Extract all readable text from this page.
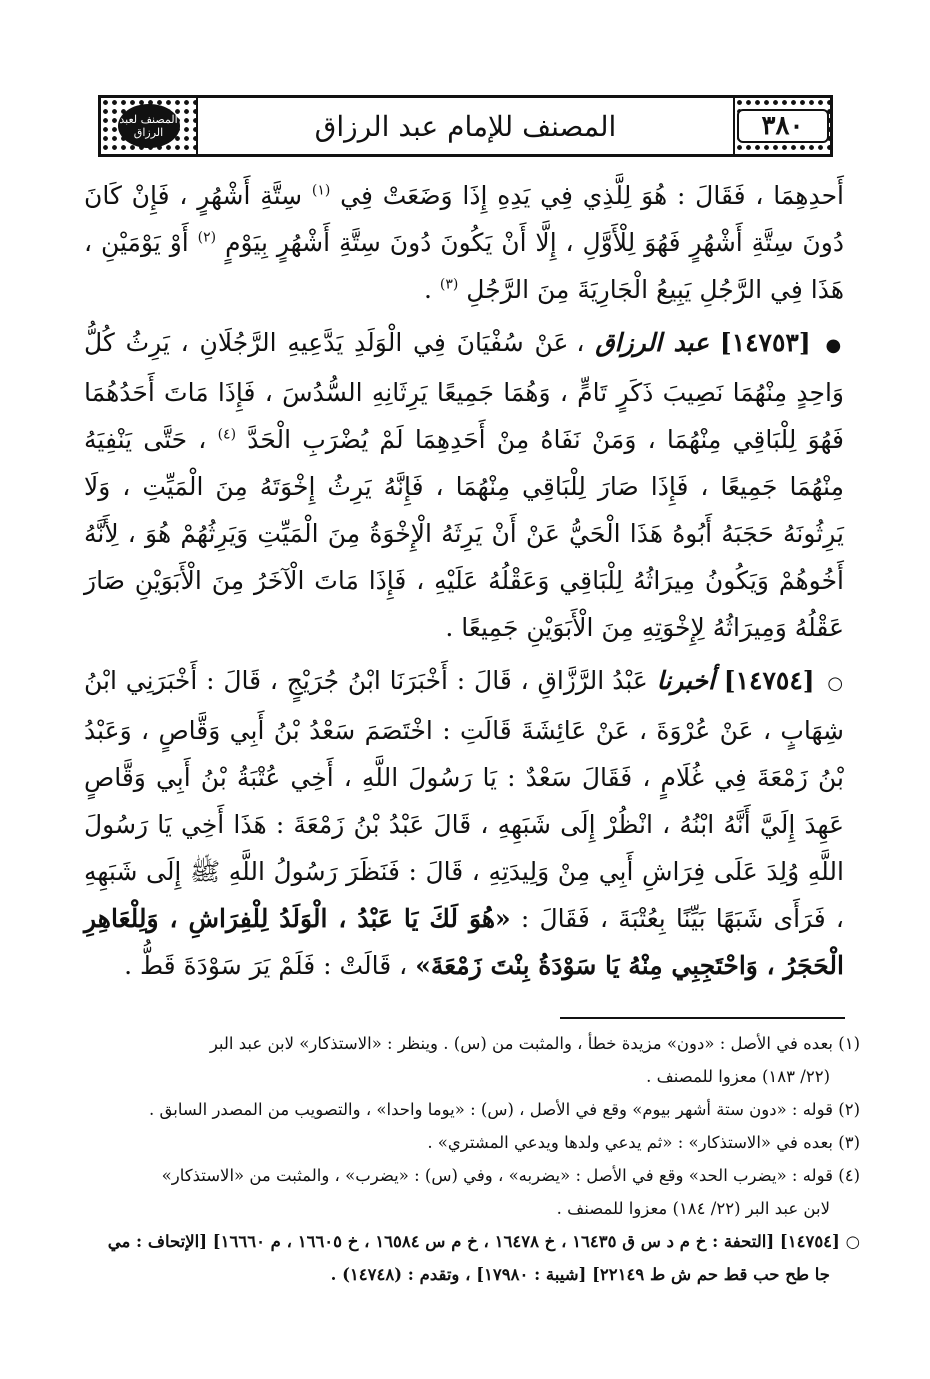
المصنف لعبد الرزاق	المصنف للإمام عبد الرزاق	٣٨٠

أَحدِهِمَا ، فَقَالَ : هُوَ لِلَّذِي فِي يَدِهِ إِذَا وَضَعَتْ فِي $^{(١)}$ سِتَّةِ أَشْهُرٍ ، فَإِنْ كَانَ دُونَ سِتَّةِ أَشْهُرٍ فَهُوَ لِلْأَوَّلِ ، إِلَّا أَنْ يَكُونَ دُونَ سِتَّةِ أَشْهُرٍ بِيَوْمٍ $^{(٢)}$ أَوْ يَوْمَيْنِ ، هَذَا فِي الرَّجُلِ يَبِيعُ الْجَارِيَةَ مِنَ الرَّجُلِ $^{(٣)}$ .

● [١٤٧٥٣] عبد الرزاق ، عَنْ سُفْيَانَ فِي الْوَلَدِ يَدَّعِيهِ الرَّجُلَانِ ، يَرِثُ كُلُّ وَاحِدٍ مِنْهُمَا نَصِيبَ ذَكَرٍ تَامٍّ ، وَهُمَا جَمِيعًا يَرِثَانِهِ السُّدُسَ ، فَإِذَا مَاتَ أَحَدُهُمَا فَهُوَ لِلْبَاقِي مِنْهُمَا ، وَمَنْ نَفَاهُ مِنْ أَحَدِهِمَا لَمْ يُضْرَبِ الْحَدَّ $^{(٤)}$ ، حَتَّى يَنْفِيَهُ مِنْهُمَا جَمِيعًا ، فَإِذَا صَارَ لِلْبَاقِي مِنْهُمَا ، فَإِنَّهُ يَرِثُ إِخْوَتَهُ مِنَ الْمَيِّتِ ، وَلَا يَرِثُونَهُ حَجَبَهُ أَبُوهُ هَذَا الْحَيُّ عَنْ أَنْ يَرِثَهُ الْإِخْوَةُ مِنَ الْمَيِّتِ وَيَرِثُهُمْ هُوَ ، لِأَنَّهُ أَخُوهُمْ وَيَكُونُ مِيرَاثُهُ لِلْبَاقِي وَعَقْلُهُ عَلَيْهِ ، فَإِذَا مَاتَ الْآخَرُ مِنَ الْأَبَوَيْنِ صَارَ عَقْلُهُ وَمِيرَاثُهُ لِإِخْوَتِهِ مِنَ الْأَبَوَيْنِ جَمِيعًا .

○ [١٤٧٥٤] أخبرنا عَبْدُ الرَّزَّاقِ ، قَالَ : أَخْبَرَنَا ابْنُ جُرَيْجٍ ، قَالَ : أَخْبَرَنِي ابْنُ شِهَابٍ ، عَنْ عُرْوَةَ ، عَنْ عَائِشَةَ قَالَتِ : اخْتَصَمَ سَعْدُ بْنُ أَبِي وَقَّاصٍ ، وَعَبْدُ بْنُ زَمْعَةَ فِي غُلَامٍ ، فَقَالَ سَعْدٌ : يَا رَسُولَ اللَّهِ ، أَخِي عُتْبَةُ بْنُ أَبِي وَقَّاصٍ عَهِدَ إِلَيَّ أَنَّهُ ابْنُهُ ، انْظُرْ إِلَى شَبَهِهِ ، قَالَ عَبْدُ بْنُ زَمْعَةَ : هَذَا أَخِي يَا رَسُولَ اللَّهِ وُلِدَ عَلَى فِرَاشِ أَبِي مِنْ وَلِيدَتِهِ ، قَالَ : فَنَظَرَ رَسُولُ اللَّهِ ﷺ إِلَى شَبَهِهِ ، فَرَأَى شَبَهًا بَيِّنًا بِعُتْبَةَ ، فَقَالَ : «هُوَ لَكَ يَا عَبْدُ ، الْوَلَدُ لِلْفِرَاشِ ، وَلِلْعَاهِرِ الْحَجَرُ ، وَاحْتَجِبِي مِنْهُ يَا سَوْدَةُ بِنْتَ زَمْعَةَ» ، قَالَتْ : فَلَمْ يَرَ سَوْدَةَ قَطُّ .

(١) بعده في الأصل : «دون» مزيدة خطأ ، والمثبت من (س) . وينظر : «الاستذكار» لابن عبد البر
(٢٢/ ١٨٣) معزوا للمصنف .
(٢) قوله : «دون ستة أشهر بيوم» وقع في الأصل ، (س) : «يوما واحدا» ، والتصويب من المصدر السابق .
(٣) بعده في «الاستذكار» : «ثم يدعي ولدها ويدعي المشتري» .
(٤) قوله : «يضرب الحد» وقع في الأصل : «يضربه» ، وفي (س) : «يضرب» ، والمثبت من «الاستذكار»
لابن عبد البر (٢٢/ ١٨٤) معزوا للمصنف .
○ [١٤٧٥٤] [التحفة : خ م د س ق ١٦٤٣٥ ، خ ١٦٤٧٨ ، خ م س ١٦٥٨٤ ، خ ١٦٦٠٥ ، م ١٦٦٦٠] [الإتحاف : مي
جا طح حب قط حم ش ط ٢٢١٤٩] [شيبة : ١٧٩٨٠] ، وتقدم : (١٤٧٤٨) .
